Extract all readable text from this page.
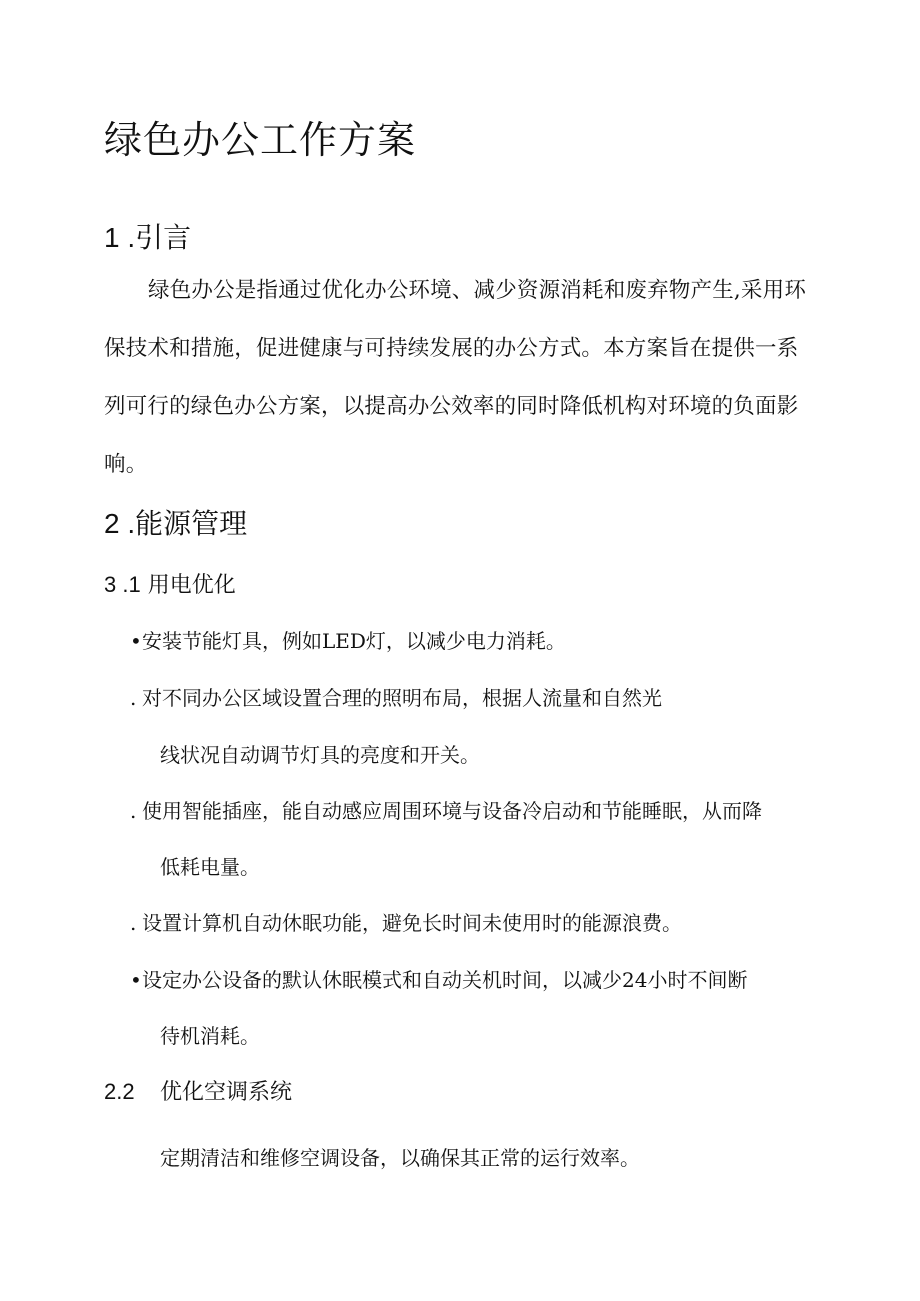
绿色办公工作方案
1 .引言
绿色办公是指通过优化办公环境、减少资源消耗和废弃物产生,采用环
保技术和措施，促进健康与可持续发展的办公方式。本方案旨在提供一系
列可行的绿色办公方案，以提高办公效率的同时降低机构对环境的负面影
响。
2 .能源管理
3 .1 用电优化
•安装节能灯具，例如LED灯，以减少电力消耗。
. 对不同办公区域设置合理的照明布局，根据人流量和自然光
线状况自动调节灯具的亮度和开关。
. 使用智能插座，能自动感应周围环境与设备冷启动和节能睡眠，从而降
低耗电量。
. 设置计算机自动休眠功能，避免长时间未使用时的能源浪费。
•设定办公设备的默认休眠模式和自动关机时间，以减少24小时不间断
待机消耗。
2.2 优化空调系统
定期清洁和维修空调设备，以确保其正常的运行效率。
